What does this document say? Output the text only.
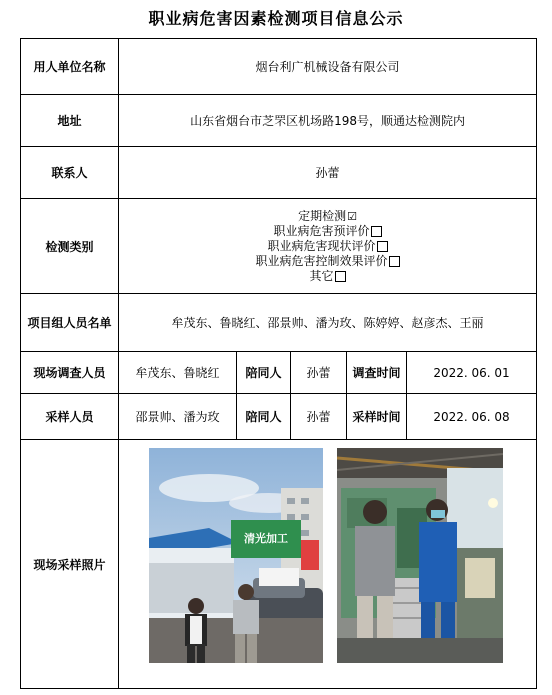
职业病危害因素检测项目信息公示
用人单位名称	烟台利广机械设备有限公司				
地址	山东省烟台市芝罘区机场路198号，顺通达检测院内				
联系人	孙蕾				
检测类别	定期检测☑
职业病危害预评价
职业病危害现状评价
职业病危害控制效果评价
其它				

项目组人员名单	牟茂东、鲁晓红、邵景帅、潘为玫、陈婷婷、赵彦杰、王丽				
现场调查人员	牟茂东、鲁晓红	陪同人	孙蕾	调查时间	2022. 06. 01
采样人员	邵景帅、潘为玫	陪同人	孙蕾	采样时间	2022. 06. 08
现场采样照片	清光加工				
